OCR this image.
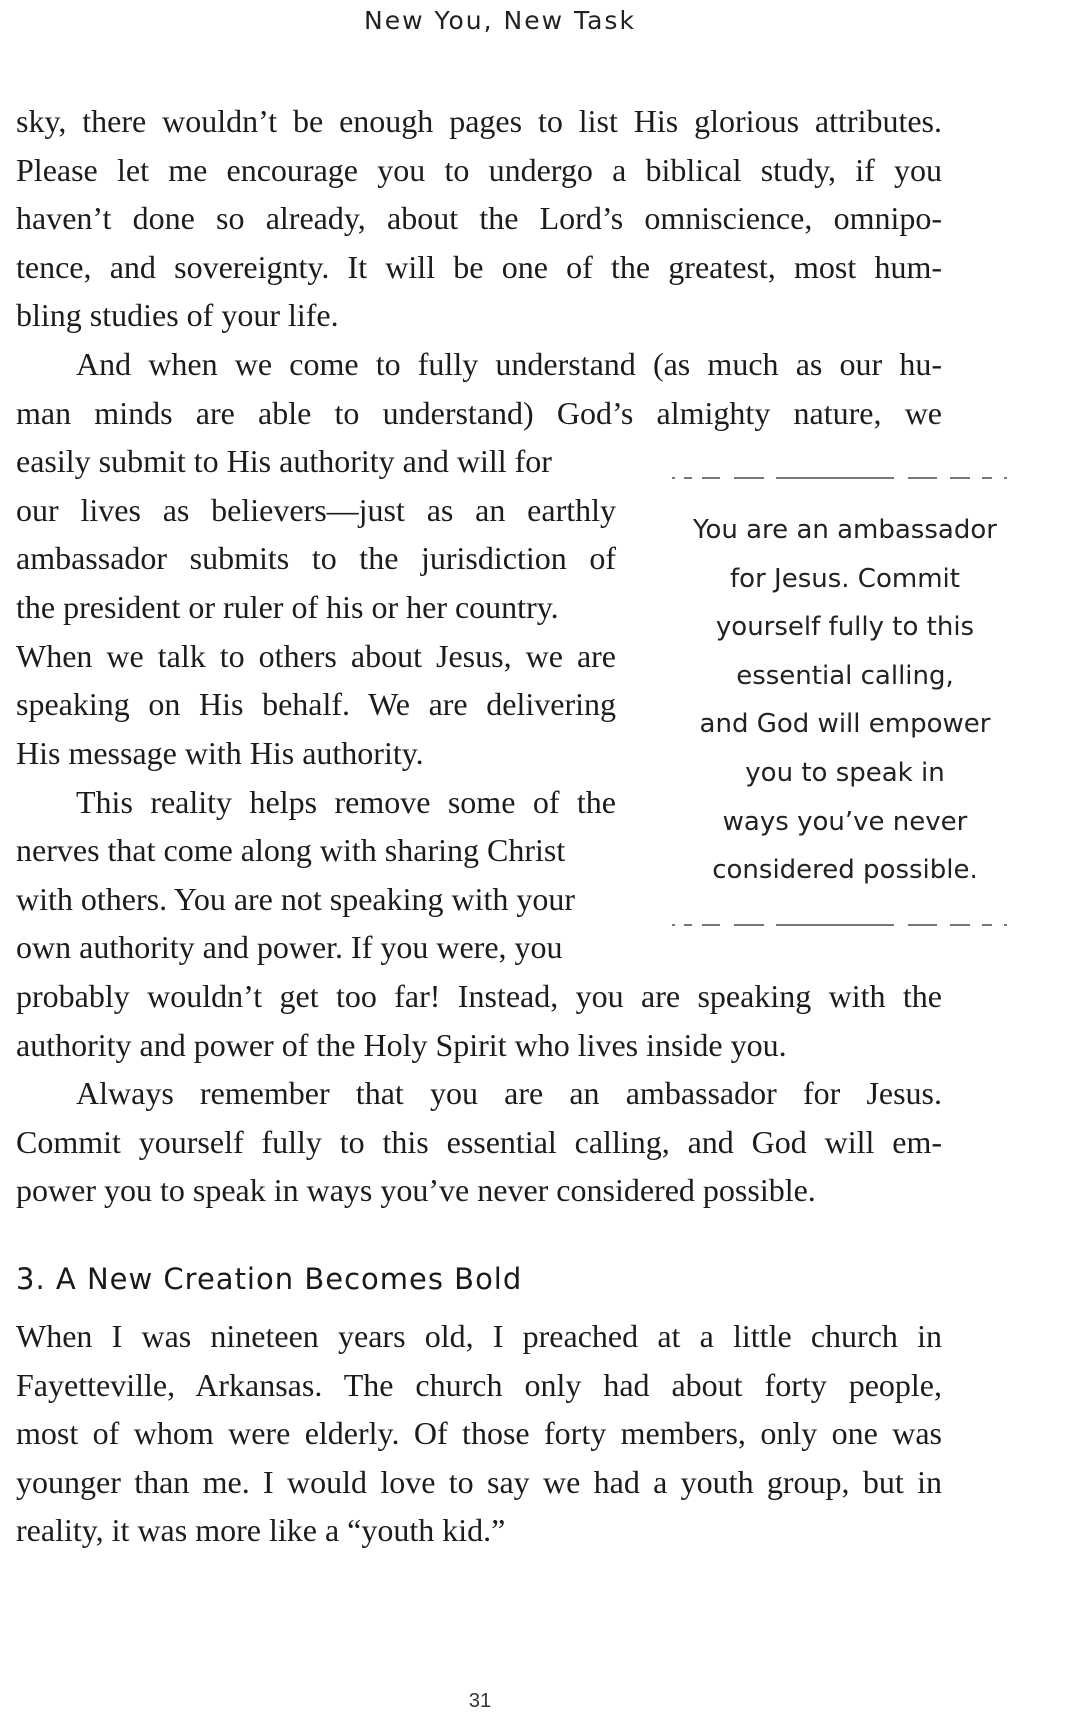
New You, New Task
sky, there wouldn’t be enough pages to list His glorious attributes.
Please let me encourage you to undergo a biblical study, if you
haven’t done so already, about the Lord’s omniscience, omnipo-
tence, and sovereignty. It will be one of the greatest, most hum-
bling studies of your life.
And when we come to fully understand (as much as our hu-
man minds are able to understand) God’s almighty nature, we
easily submit to His authority and will for
our lives as believers—just as an earthly
ambassador submits to the jurisdiction of
the president or ruler of his or her country.
When we talk to others about Jesus, we are
speaking on His behalf. We are delivering
His message with His authority.
This reality helps remove some of the
nerves that come along with sharing Christ
with others. You are not speaking with your
own authority and power. If you were, you
probably wouldn’t get too far! Instead, you are speaking with the
authority and power of the Holy Spirit who lives inside you.
Always remember that you are an ambassador for Jesus.
Commit yourself fully to this essential calling, and God will em-
power you to speak in ways you’ve never considered possible.
You are an ambassador
for Jesus. Commit
yourself fully to this
essential calling,
and God will empower
you to speak in
ways you’ve never
considered possible.
3. A New Creation Becomes Bold
When I was nineteen years old, I preached at a little church in
Fayetteville, Arkansas. The church only had about forty people,
most of whom were elderly. Of those forty members, only one was
younger than me. I would love to say we had a youth group, but in
reality, it was more like a “youth kid.”
31
